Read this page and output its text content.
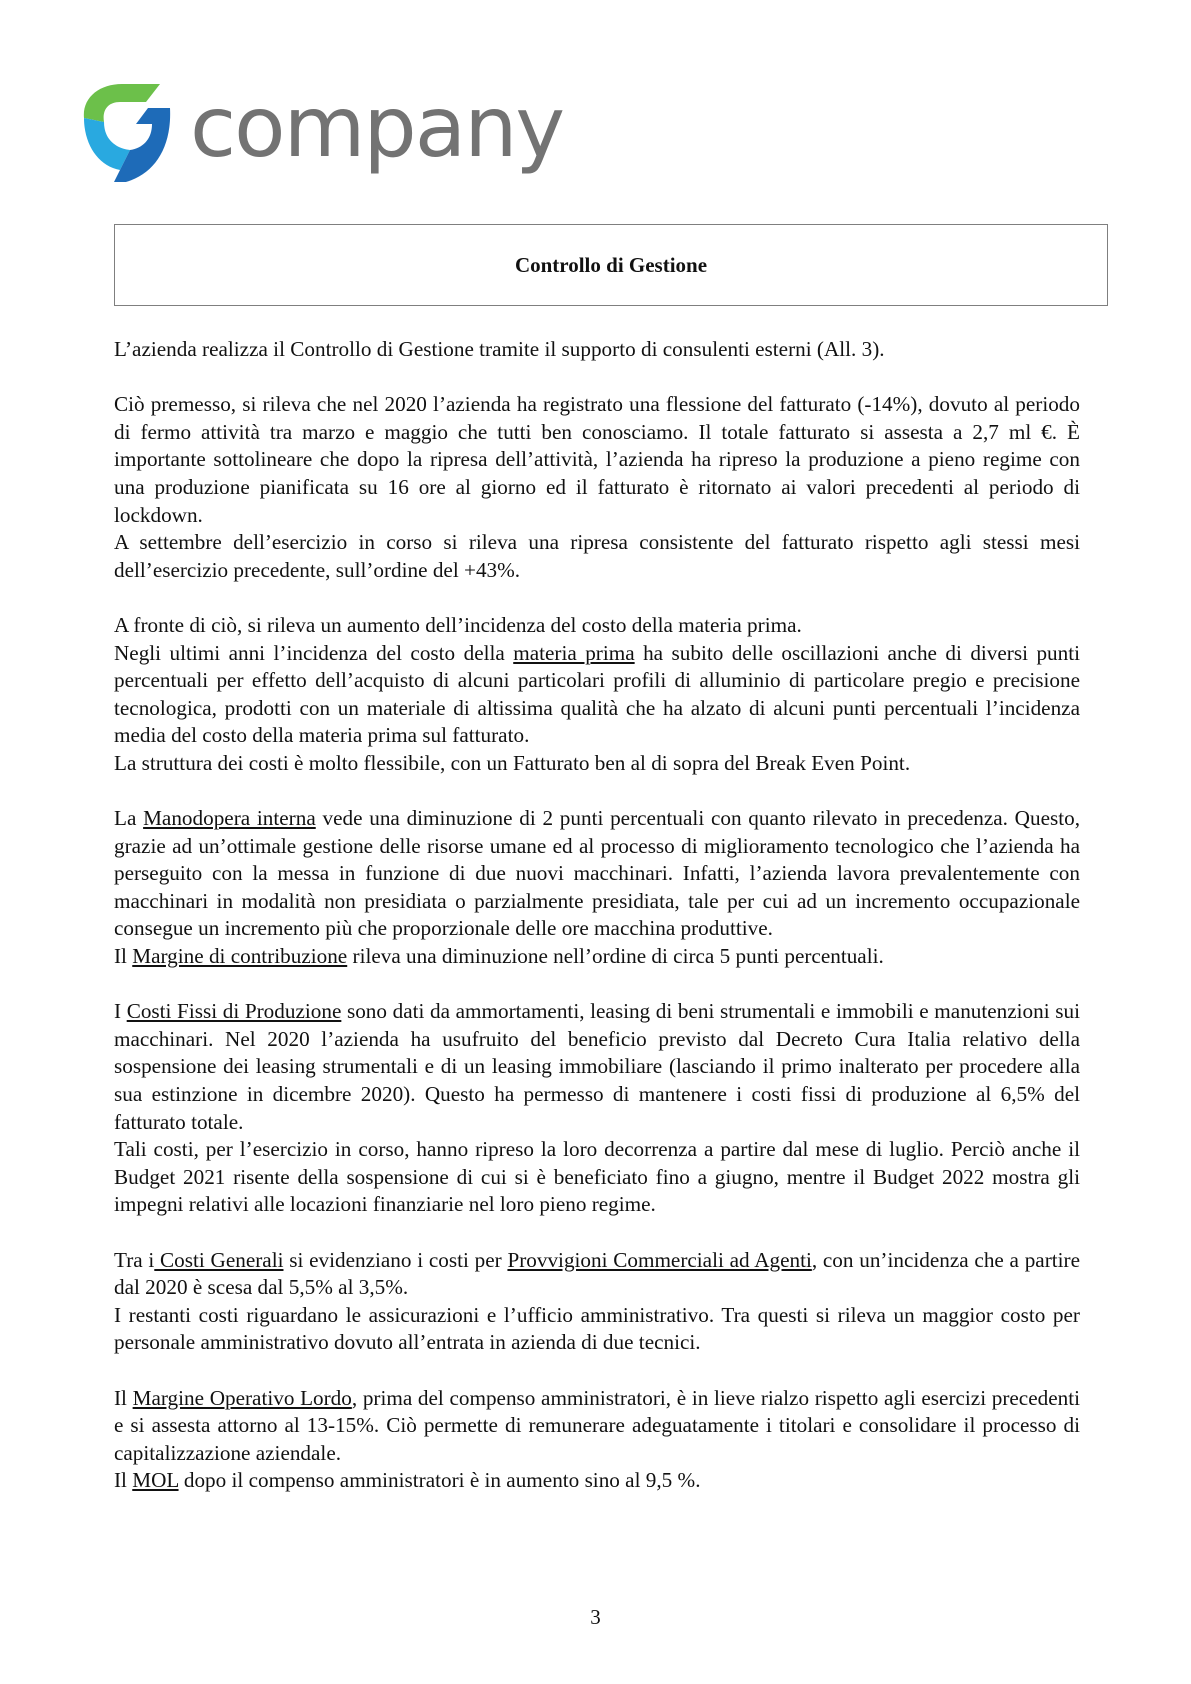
company
Controllo di Gestione

L’azienda realizza il Controllo di Gestione tramite il supporto di consulenti esterni (All. 3).

Ciò premesso, si rileva che nel 2020 l’azienda ha registrato una flessione del fatturato (-14%), dovuto al periodo di fermo attività tra marzo e maggio che tutti ben conosciamo. Il totale fatturato si assesta a 2,7 ml €. È importante sottolineare che dopo la ripresa dell’attività, l’azienda ha ripreso la produzione a pieno regime con una produzione pianificata su 16 ore al giorno ed il fatturato è ritornato ai valori precedenti al periodo di lockdown.
A settembre dell’esercizio in corso si rileva una ripresa consistente del fatturato rispetto agli stessi mesi dell’esercizio precedente, sull’ordine del +43%.

A fronte di ciò, si rileva un aumento dell’incidenza del costo della materia prima.
Negli ultimi anni l’incidenza del costo della materia prima ha subito delle oscillazioni anche di diversi punti percentuali per effetto dell’acquisto di alcuni particolari profili di alluminio di particolare pregio e precisione tecnologica, prodotti con un materiale di altissima qualità che ha alzato di alcuni punti percentuali l’incidenza media del costo della materia prima sul fatturato.
La struttura dei costi è molto flessibile, con un Fatturato ben al di sopra del Break Even Point.

La Manodopera interna vede una diminuzione di 2 punti percentuali con quanto rilevato in precedenza. Questo, grazie ad un’ottimale gestione delle risorse umane ed al processo di miglioramento tecnologico che l’azienda ha perseguito con la messa in funzione di due nuovi macchinari. Infatti, l’azienda lavora prevalentemente con macchinari in modalità non presidiata o parzialmente presidiata, tale per cui ad un incremento occupazionale consegue un incremento più che proporzionale delle ore macchina produttive.
Il Margine di contribuzione rileva una diminuzione nell’ordine di circa 5 punti percentuali.

I Costi Fissi di Produzione sono dati da ammortamenti, leasing di beni strumentali e immobili e manutenzioni sui macchinari. Nel 2020 l’azienda ha usufruito del beneficio previsto dal Decreto Cura Italia relativo della sospensione dei leasing strumentali e di un leasing immobiliare (lasciando il primo inalterato per procedere alla sua estinzione in dicembre 2020). Questo ha permesso di mantenere i costi fissi di produzione al 6,5% del fatturato totale.
Tali costi, per l’esercizio in corso, hanno ripreso la loro decorrenza a partire dal mese di luglio. Perciò anche il Budget 2021 risente della sospensione di cui si è beneficiato fino a giugno, mentre il Budget 2022 mostra gli impegni relativi alle locazioni finanziarie nel loro pieno regime.

Tra i Costi Generali si evidenziano i costi per Provvigioni Commerciali ad Agenti, con un’incidenza che a partire dal 2020 è scesa dal 5,5% al 3,5%.
I restanti costi riguardano le assicurazioni e l’ufficio amministrativo. Tra questi si rileva un maggior costo per personale amministrativo dovuto all’entrata in azienda di due tecnici.

Il Margine Operativo Lordo, prima del compenso amministratori, è in lieve rialzo rispetto agli esercizi precedenti e si assesta attorno al 13-15%. Ciò permette di remunerare adeguatamente i titolari e consolidare il processo di capitalizzazione aziendale.
Il MOL dopo il compenso amministratori è in aumento sino al 9,5 %.

3
